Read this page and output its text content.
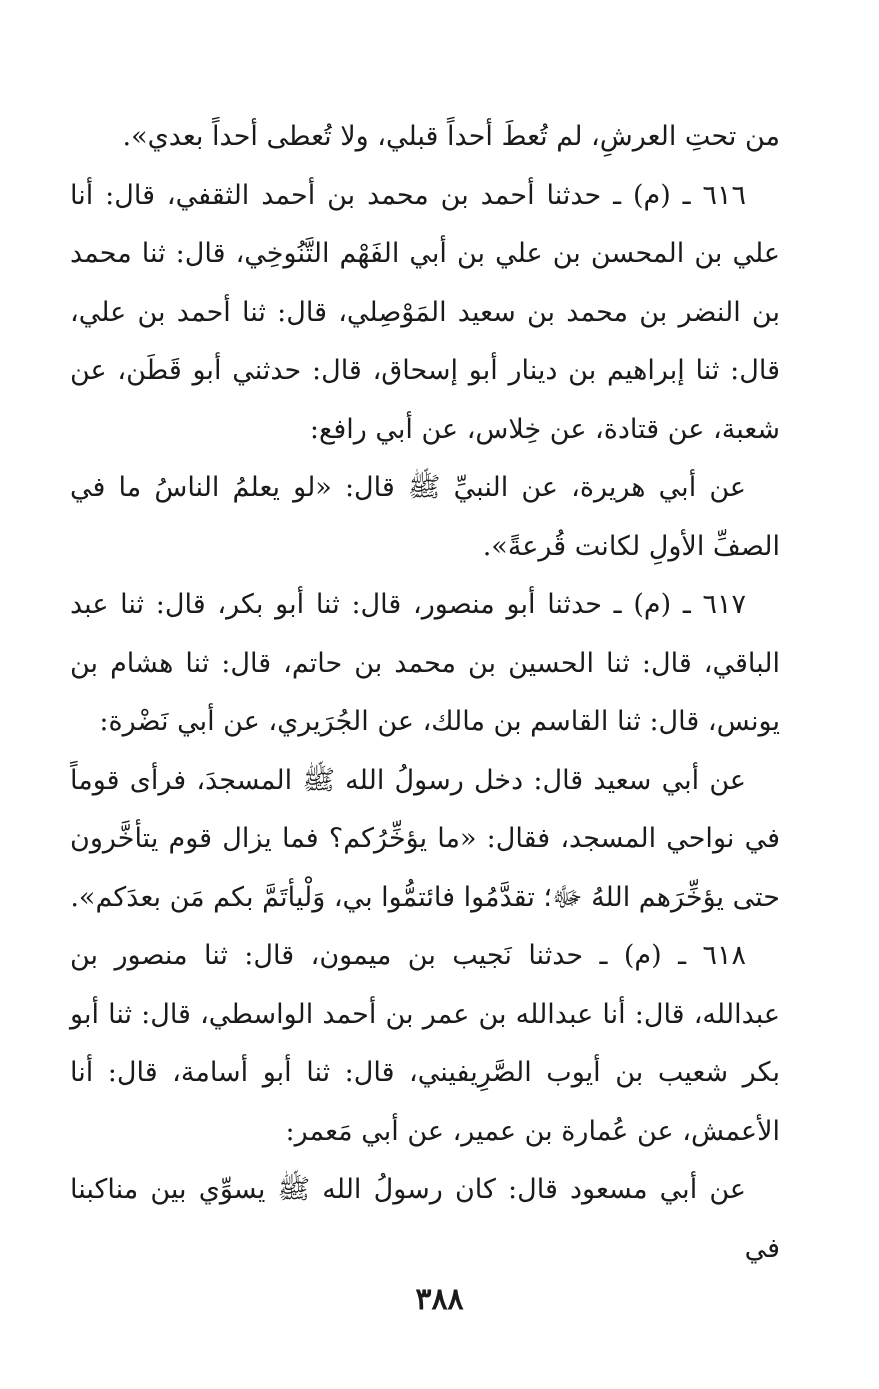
من تحتِ العرشِ، لم تُعطَ أحداً قبلي، ولا تُعطى أحداً بعدي».

٦١٦ ـ (م) ـ حدثنا أحمد بن محمد بن أحمد الثقفي، قال: أنا علي بن المحسن بن علي بن أبي الفَهْم التَّنُوخِي، قال: ثنا محمد بن النضر بن محمد بن سعيد المَوْصِلي، قال: ثنا أحمد بن علي، قال: ثنا إبراهيم بن دينار أبو إسحاق، قال: حدثني أبو قَطَن، عن شعبة، عن قتادة، عن خِلاس، عن أبي رافع:

عن أبي هريرة، عن النبيِّ ﷺ قال: «لو يعلمُ الناسُ ما في الصفِّ الأولِ لكانت قُرعةً».

٦١٧ ـ (م) ـ حدثنا أبو منصور، قال: ثنا أبو بكر، قال: ثنا عبد الباقي، قال: ثنا الحسين بن محمد بن حاتم، قال: ثنا هشام بن يونس، قال: ثنا القاسم بن مالك، عن الجُرَيري، عن أبي نَضْرة:

عن أبي سعيد قال: دخل رسولُ الله ﷺ المسجدَ، فرأى قوماً في نواحي المسجد، فقال: «ما يؤخِّرُكم؟ فما يزال قوم يتأخَّرون حتى يؤخِّرَهم اللهُ ﷻ؛ تقدَّمُوا فائتمُّوا بي، وَلْيأتَمَّ بكم مَن بعدَكم».

٦١٨ ـ (م) ـ حدثنا نَجيب بن ميمون، قال: ثنا منصور بن عبدالله، قال: أنا عبدالله بن عمر بن أحمد الواسطي، قال: ثنا أبو بكر شعيب بن أيوب الصَّرِيفيني، قال: ثنا أبو أسامة، قال: أنا الأعمش، عن عُمارة بن عمير، عن أبي مَعمر:

عن أبي مسعود قال: كان رسولُ الله ﷺ يسوِّي بين مناكبنا في

٣٨٨
